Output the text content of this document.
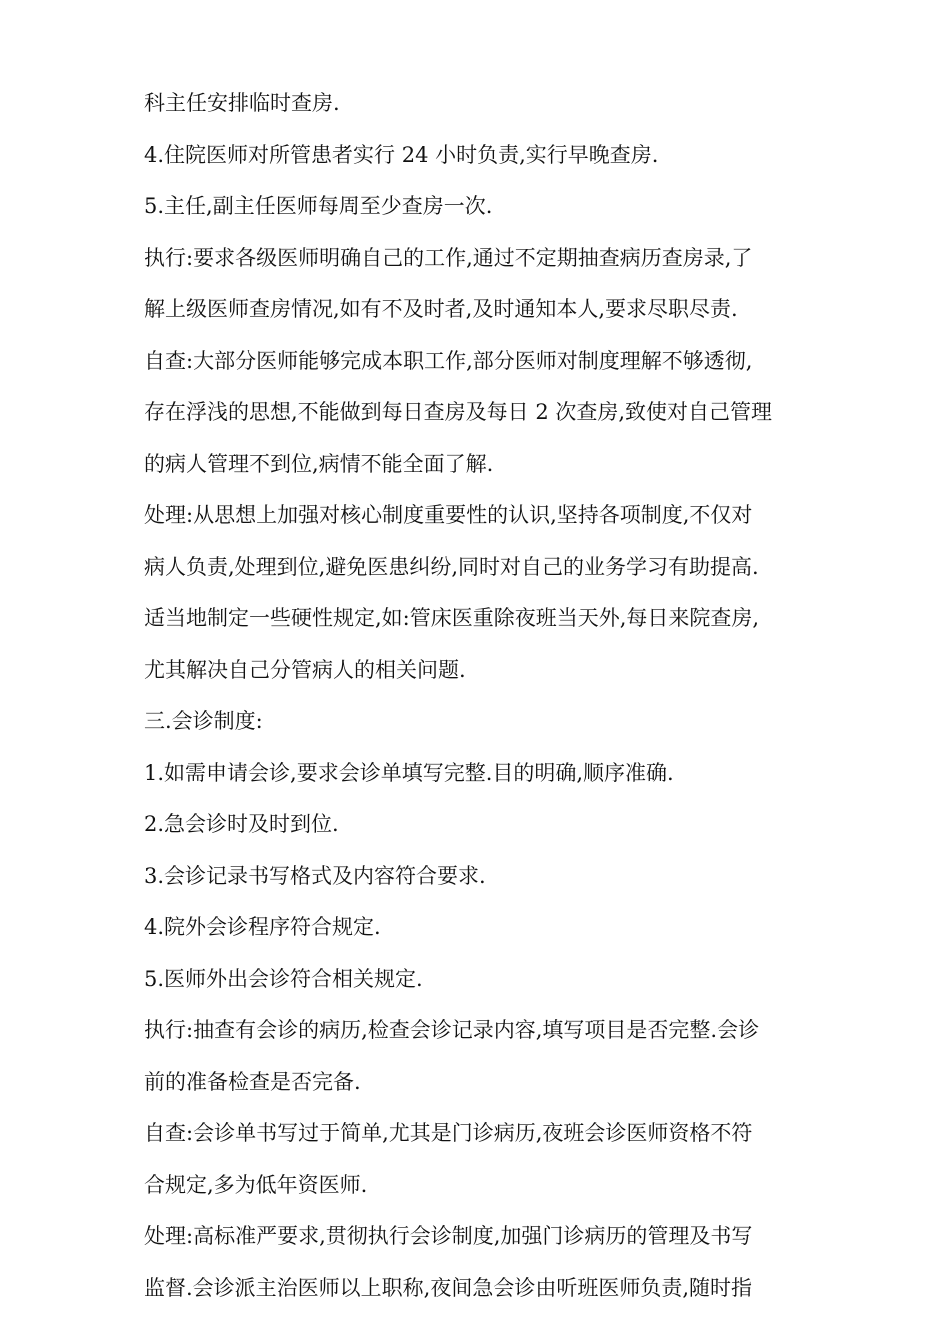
科主任安排临时查房.
4.住院医师对所管患者实行 24 小时负责,实行早晚查房.
5.主任,副主任医师每周至少查房一次.
执行:要求各级医师明确自己的工作,通过不定期抽查病历查房录,了
解上级医师查房情况,如有不及时者,及时通知本人,要求尽职尽责.
自查:大部分医师能够完成本职工作,部分医师对制度理解不够透彻,
存在浮浅的思想,不能做到每日查房及每日 2 次查房,致使对自己管理
的病人管理不到位,病情不能全面了解.
处理:从思想上加强对核心制度重要性的认识,坚持各项制度,不仅对
病人负责,处理到位,避免医患纠纷,同时对自己的业务学习有助提高.
适当地制定一些硬性规定,如:管床医重除夜班当天外,每日来院查房,
尤其解决自己分管病人的相关问题.
三.会诊制度:
1.如需申请会诊,要求会诊单填写完整.目的明确,顺序准确.
2.急会诊时及时到位.
3.会诊记录书写格式及内容符合要求.
4.院外会诊程序符合规定.
5.医师外出会诊符合相关规定.
执行:抽查有会诊的病历,检查会诊记录内容,填写项目是否完整.会诊
前的准备检查是否完备.
自查:会诊单书写过于简单,尤其是门诊病历,夜班会诊医师资格不符
合规定,多为低年资医师.
处理:高标准严要求,贯彻执行会诊制度,加强门诊病历的管理及书写
监督.会诊派主治医师以上职称,夜间急会诊由听班医师负责,随时指
